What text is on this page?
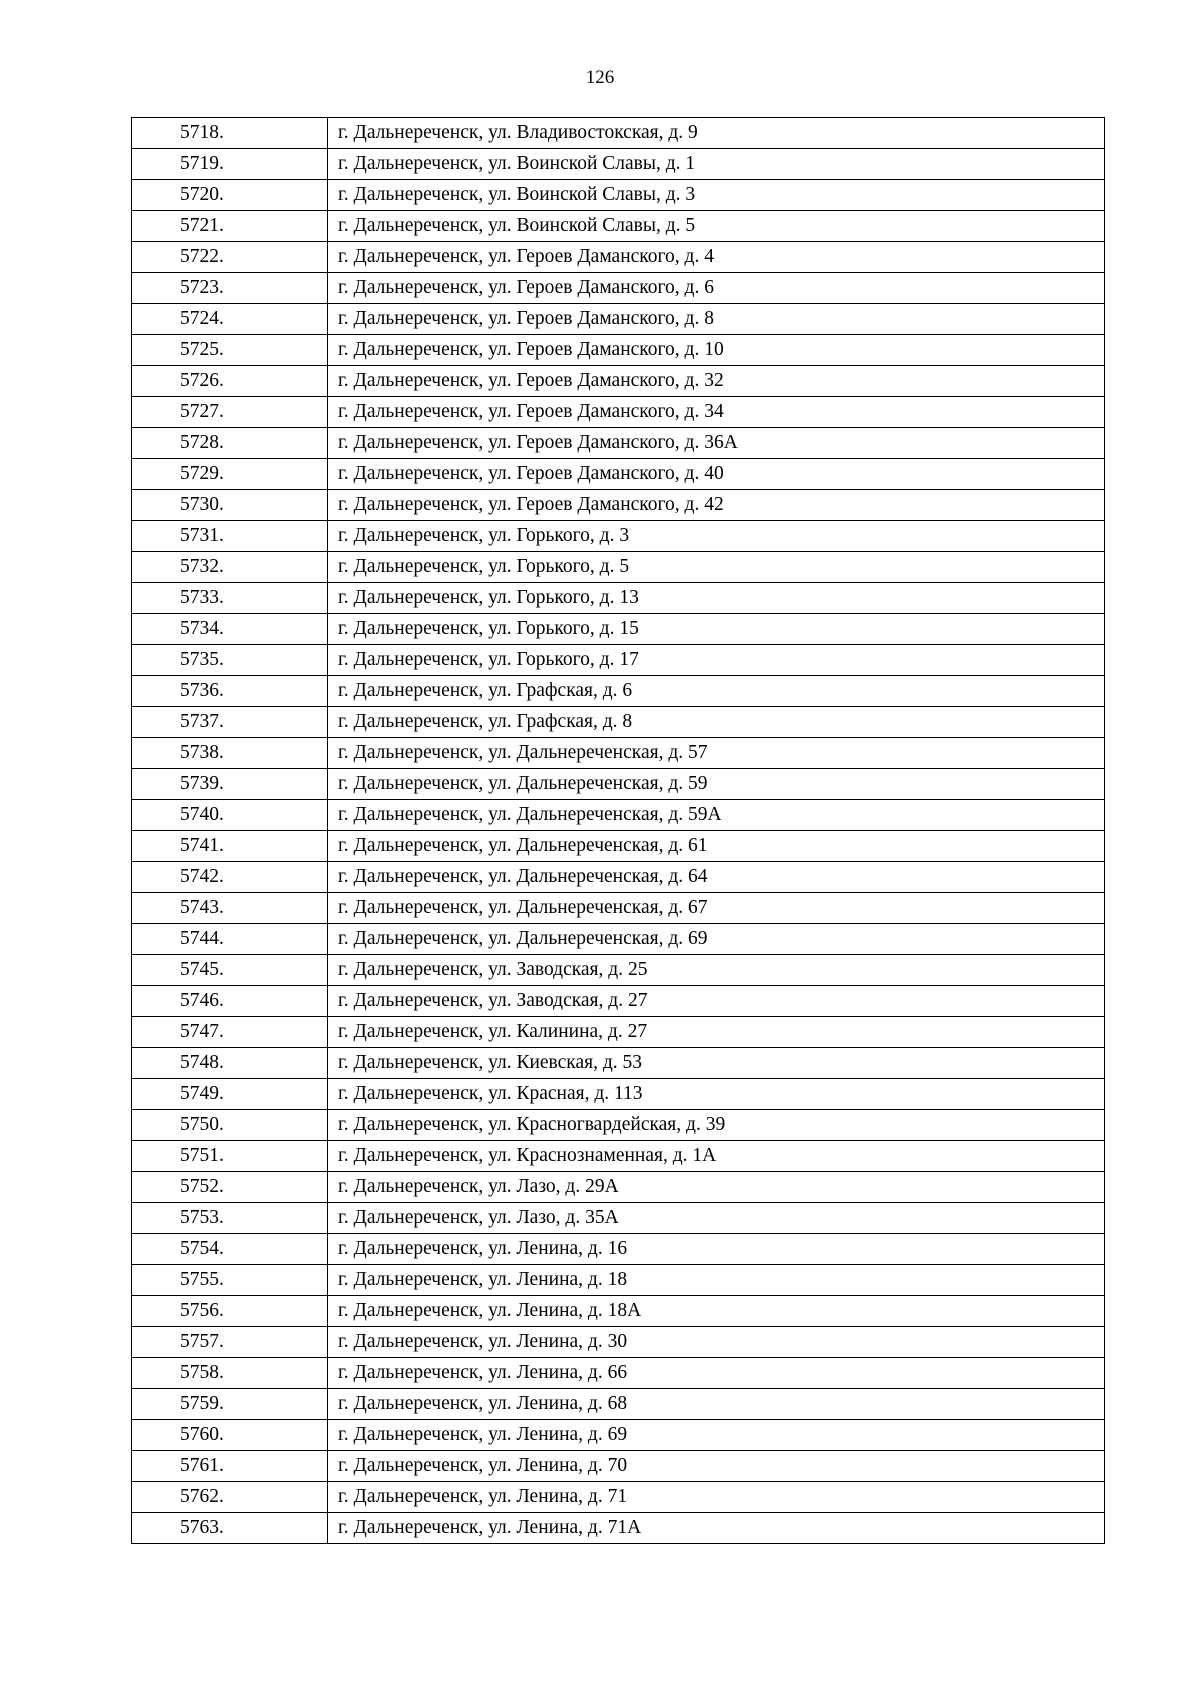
126
5718.	г. Дальнереченск, ул. Владивостокская, д. 9
5719.	г. Дальнереченск, ул. Воинской Славы, д. 1
5720.	г. Дальнереченск, ул. Воинской Славы, д. 3
5721.	г. Дальнереченск, ул. Воинской Славы, д. 5
5722.	г. Дальнереченск, ул. Героев Даманского, д. 4
5723.	г. Дальнереченск, ул. Героев Даманского, д. 6
5724.	г. Дальнереченск, ул. Героев Даманского, д. 8
5725.	г. Дальнереченск, ул. Героев Даманского, д. 10
5726.	г. Дальнереченск, ул. Героев Даманского, д. 32
5727.	г. Дальнереченск, ул. Героев Даманского, д. 34
5728.	г. Дальнереченск, ул. Героев Даманского, д. 36А
5729.	г. Дальнереченск, ул. Героев Даманского, д. 40
5730.	г. Дальнереченск, ул. Героев Даманского, д. 42
5731.	г. Дальнереченск, ул. Горького, д. 3
5732.	г. Дальнереченск, ул. Горького, д. 5
5733.	г. Дальнереченск, ул. Горького, д. 13
5734.	г. Дальнереченск, ул. Горького, д. 15
5735.	г. Дальнереченск, ул. Горького, д. 17
5736.	г. Дальнереченск, ул. Графская, д. 6
5737.	г. Дальнереченск, ул. Графская, д. 8
5738.	г. Дальнереченск, ул. Дальнереченская, д. 57
5739.	г. Дальнереченск, ул. Дальнереченская, д. 59
5740.	г. Дальнереченск, ул. Дальнереченская, д. 59А
5741.	г. Дальнереченск, ул. Дальнереченская, д. 61
5742.	г. Дальнереченск, ул. Дальнереченская, д. 64
5743.	г. Дальнереченск, ул. Дальнереченская, д. 67
5744.	г. Дальнереченск, ул. Дальнереченская, д. 69
5745.	г. Дальнереченск, ул. Заводская, д. 25
5746.	г. Дальнереченск, ул. Заводская, д. 27
5747.	г. Дальнереченск, ул. Калинина, д. 27
5748.	г. Дальнереченск, ул. Киевская, д. 53
5749.	г. Дальнереченск, ул. Красная, д. 113
5750.	г. Дальнереченск, ул. Красногвардейская, д. 39
5751.	г. Дальнереченск, ул. Краснознаменная, д. 1А
5752.	г. Дальнереченск, ул. Лазо, д. 29А
5753.	г. Дальнереченск, ул. Лазо, д. 35А
5754.	г. Дальнереченск, ул. Ленина, д. 16
5755.	г. Дальнереченск, ул. Ленина, д. 18
5756.	г. Дальнереченск, ул. Ленина, д. 18А
5757.	г. Дальнереченск, ул. Ленина, д. 30
5758.	г. Дальнереченск, ул. Ленина, д. 66
5759.	г. Дальнереченск, ул. Ленина, д. 68
5760.	г. Дальнереченск, ул. Ленина, д. 69
5761.	г. Дальнереченск, ул. Ленина, д. 70
5762.	г. Дальнереченск, ул. Ленина, д. 71
5763.	г. Дальнереченск, ул. Ленина, д. 71А
